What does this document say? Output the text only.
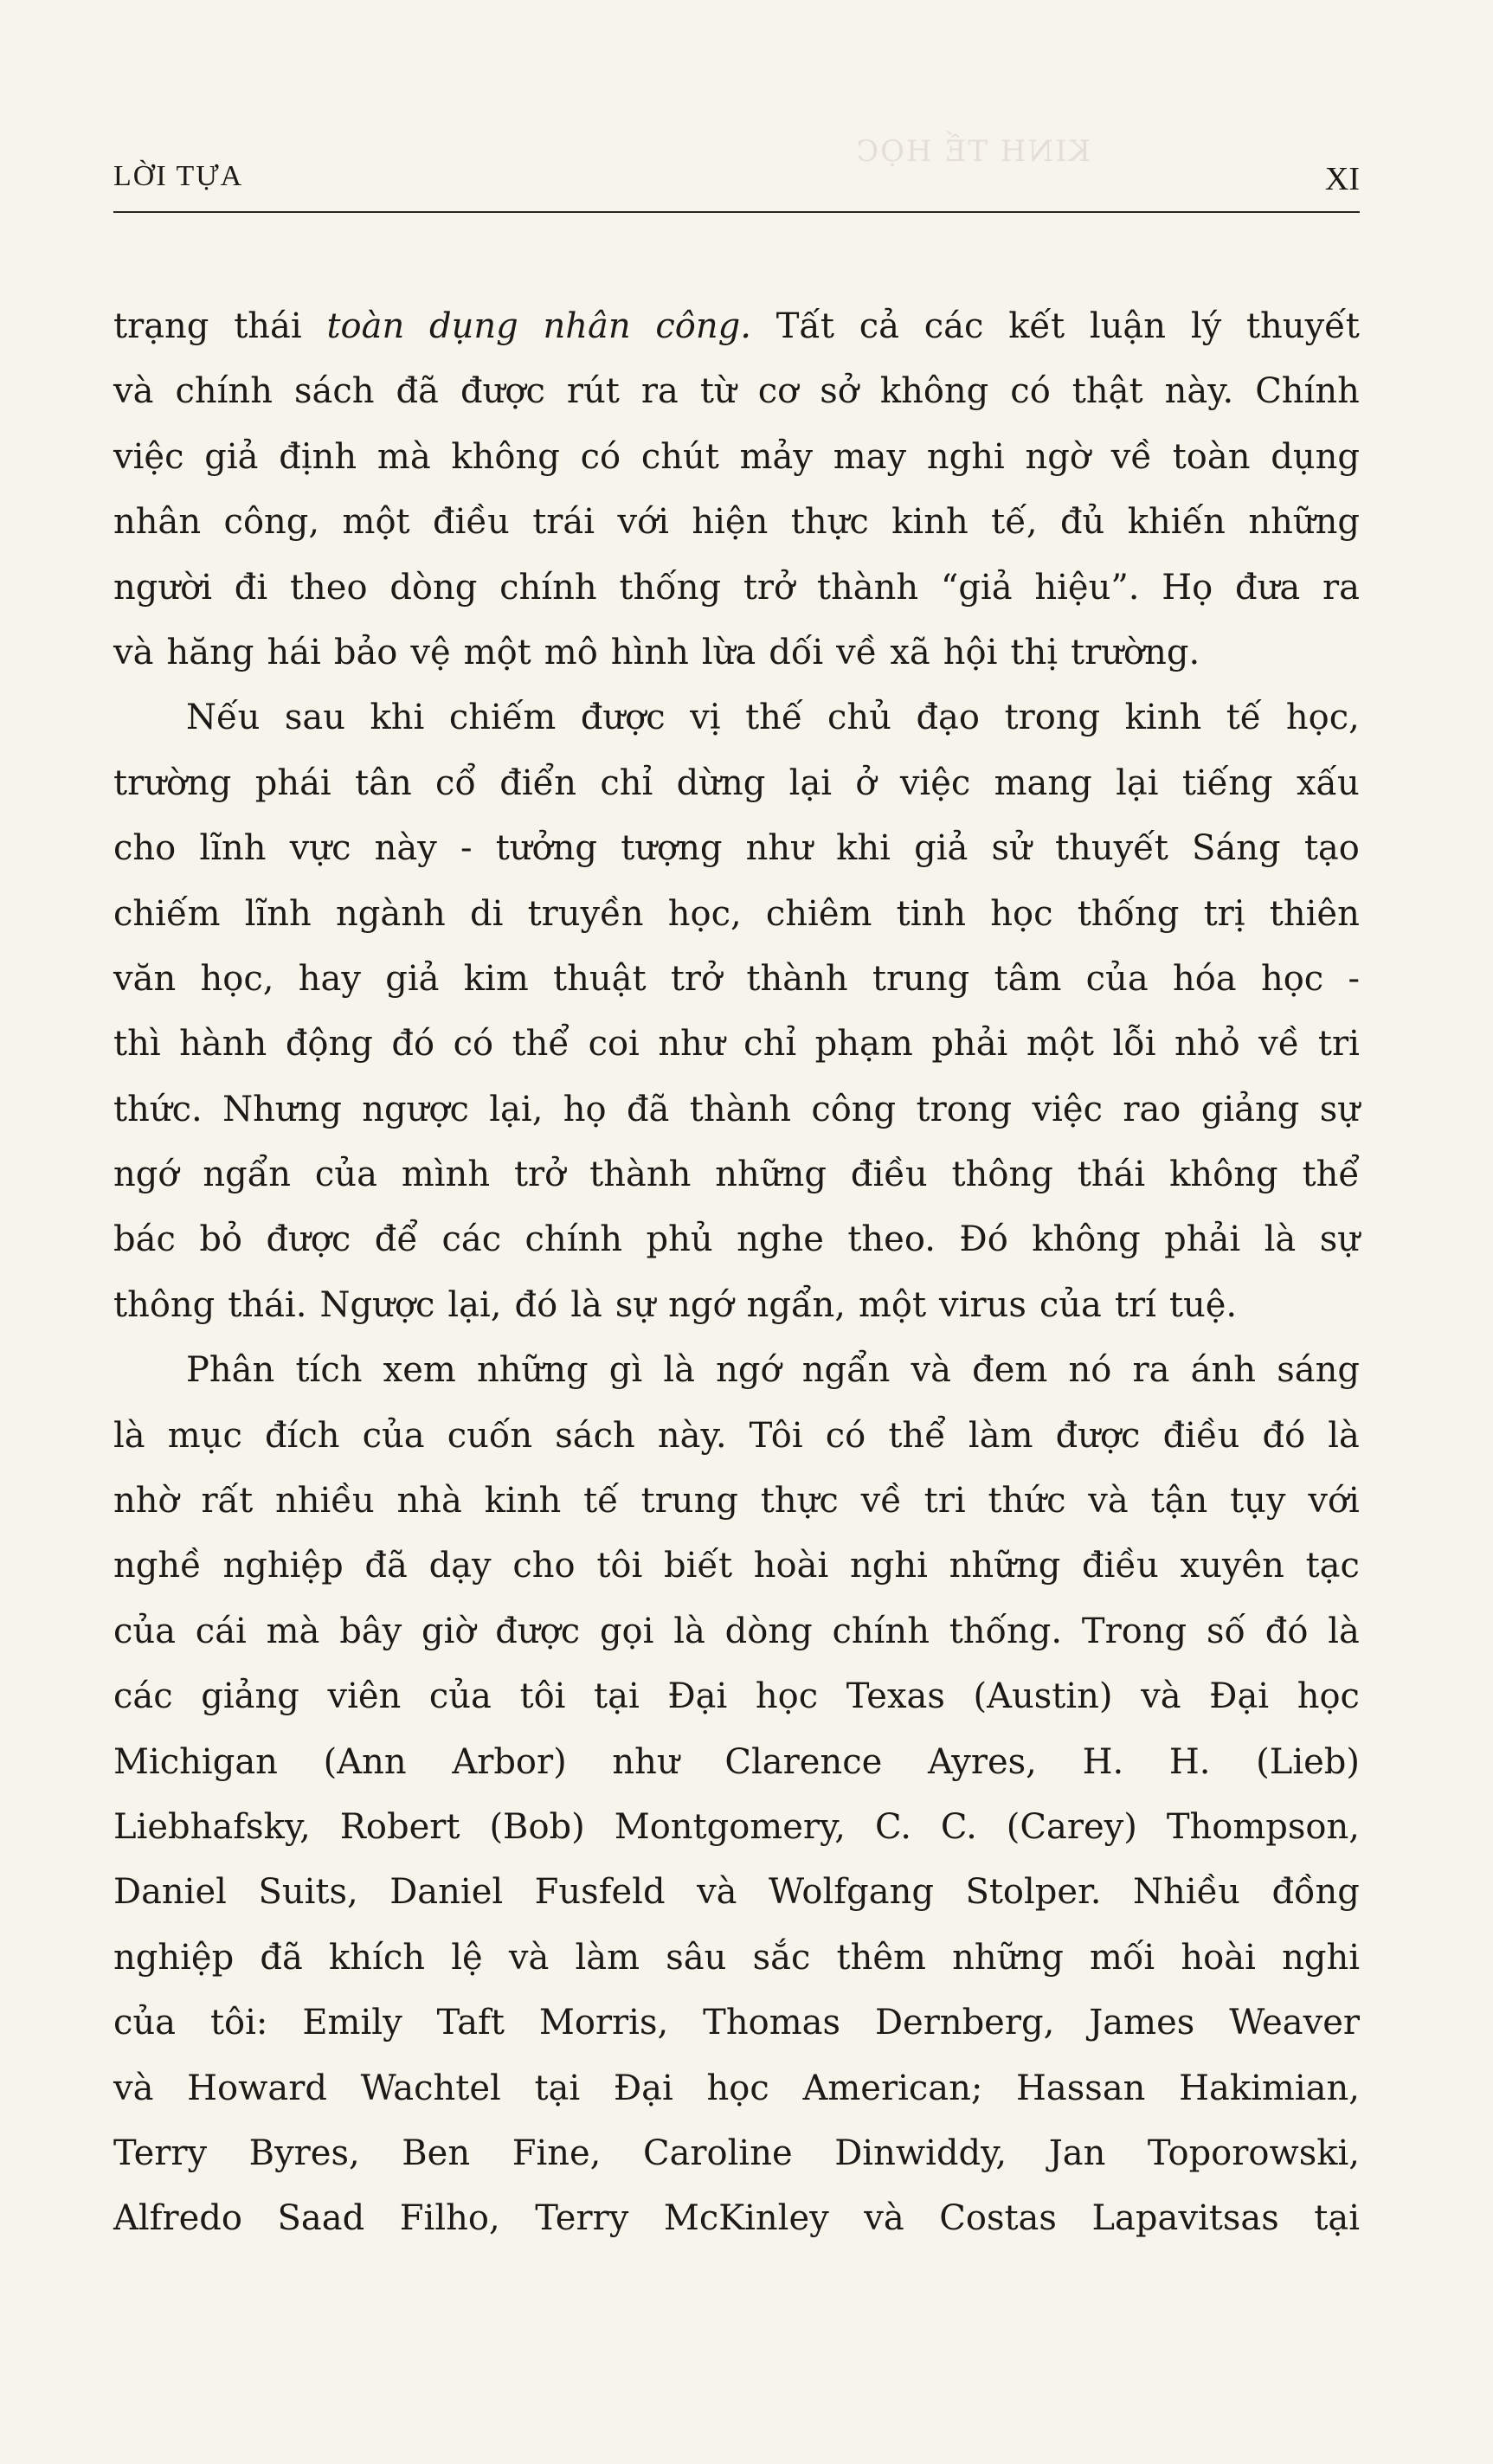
KINH TẾ HỌC
LỜI TỰA	XI
trạng thái toàn dụng nhân công. Tất cả các kết luận lý thuyết
và chính sách đã được rút ra từ cơ sở không có thật này. Chính
việc giả định mà không có chút mảy may nghi ngờ về toàn dụng
nhân công, một điều trái với hiện thực kinh tế, đủ khiến những
người đi theo dòng chính thống trở thành “giả hiệu”. Họ đưa ra
và hăng hái bảo vệ một mô hình lừa dối về xã hội thị trường.
Nếu sau khi chiếm được vị thế chủ đạo trong kinh tế học,
trường phái tân cổ điển chỉ dừng lại ở việc mang lại tiếng xấu
cho lĩnh vực này - tưởng tượng như khi giả sử thuyết Sáng tạo
chiếm lĩnh ngành di truyền học, chiêm tinh học thống trị thiên
văn học, hay giả kim thuật trở thành trung tâm của hóa học -
thì hành động đó có thể coi như chỉ phạm phải một lỗi nhỏ về tri
thức. Nhưng ngược lại, họ đã thành công trong việc rao giảng sự
ngớ ngẩn của mình trở thành những điều thông thái không thể
bác bỏ được để các chính phủ nghe theo. Đó không phải là sự
thông thái. Ngược lại, đó là sự ngớ ngẩn, một virus của trí tuệ.
Phân tích xem những gì là ngớ ngẩn và đem nó ra ánh sáng
là mục đích của cuốn sách này. Tôi có thể làm được điều đó là
nhờ rất nhiều nhà kinh tế trung thực về tri thức và tận tụy với
nghề nghiệp đã dạy cho tôi biết hoài nghi những điều xuyên tạc
của cái mà bây giờ được gọi là dòng chính thống. Trong số đó là
các giảng viên của tôi tại Đại học Texas (Austin) và Đại học
Michigan (Ann Arbor) như Clarence Ayres, H. H. (Lieb)
Liebhafsky, Robert (Bob) Montgomery, C. C. (Carey) Thompson,
Daniel Suits, Daniel Fusfeld và Wolfgang Stolper. Nhiều đồng
nghiệp đã khích lệ và làm sâu sắc thêm những mối hoài nghi
của tôi: Emily Taft Morris, Thomas Dernberg, James Weaver
và Howard Wachtel tại Đại học American; Hassan Hakimian,
Terry Byres, Ben Fine, Caroline Dinwiddy, Jan Toporowski,
Alfredo Saad Filho, Terry McKinley và Costas Lapavitsas tại
